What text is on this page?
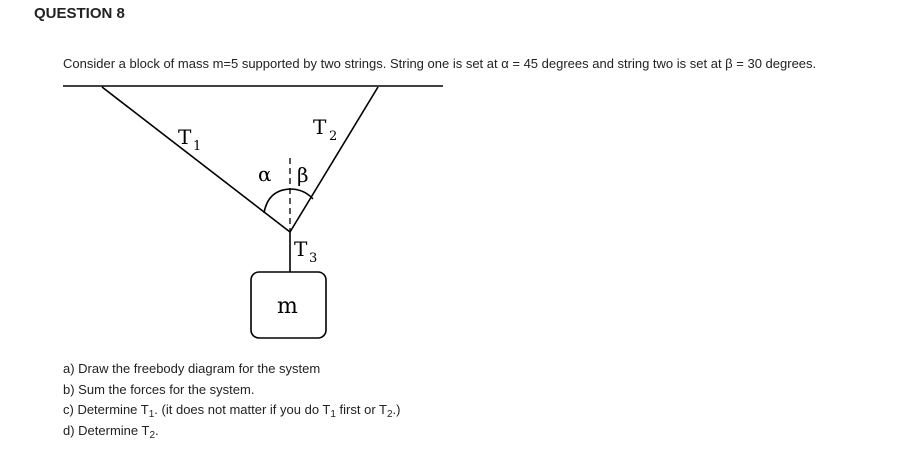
QUESTION 8
Consider a block of mass m=5 supported by two strings. String one is set at α = 45 degrees and string two is set at β = 30 degrees.
T 1
T 2
α β
T 3
m
a) Draw the freebody diagram for the system
b) Sum the forces for the system.
c) Determine $T_1$. (it does not matter if you do $T_1$ first or $T_2$.)
d) Determine $T_2$.
